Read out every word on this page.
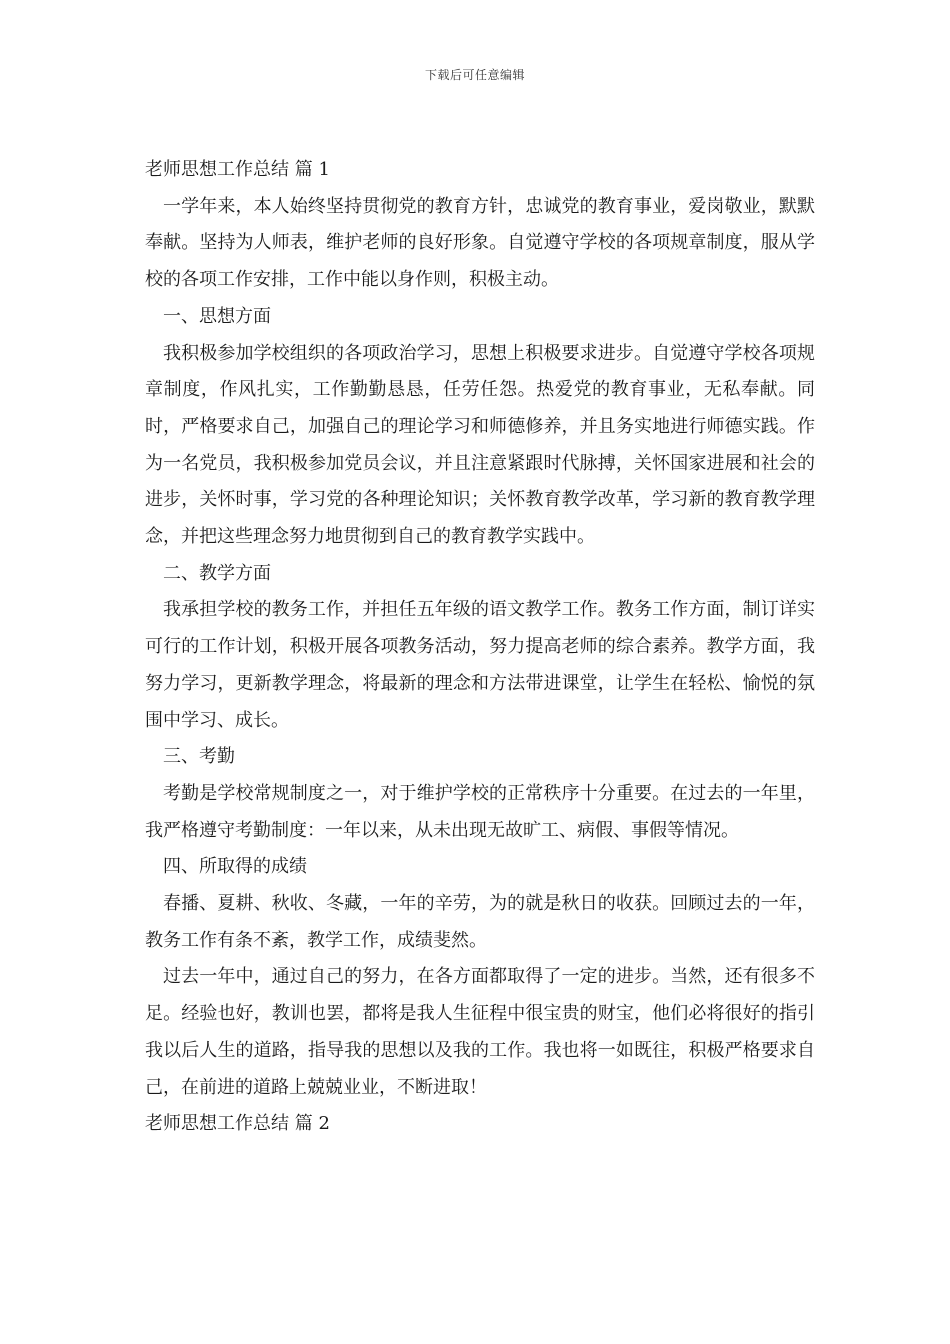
下载后可任意编辑

老师思想工作总结 篇 1

一学年来，本人始终坚持贯彻党的教育方针，忠诚党的教育事业，爱岗敬业，默默奉献。坚持为人师表，维护老师的良好形象。自觉遵守学校的各项规章制度，服从学校的各项工作安排，工作中能以身作则，积极主动。

一、思想方面

我积极参加学校组织的各项政治学习，思想上积极要求进步。自觉遵守学校各项规章制度，作风扎实，工作勤勤恳恳，任劳任怨。热爱党的教育事业，无私奉献。同时，严格要求自己，加强自己的理论学习和师德修养，并且务实地进行师德实践。作为一名党员，我积极参加党员会议，并且注意紧跟时代脉搏，关怀国家进展和社会的进步，关怀时事，学习党的各种理论知识；关怀教育教学改革，学习新的教育教学理念，并把这些理念努力地贯彻到自己的教育教学实践中。

二、教学方面

我承担学校的教务工作，并担任五年级的语文教学工作。教务工作方面，制订详实可行的工作计划，积极开展各项教务活动，努力提高老师的综合素养。教学方面，我努力学习，更新教学理念，将最新的理念和方法带进课堂，让学生在轻松、愉悦的氛围中学习、成长。

三、考勤

考勤是学校常规制度之一，对于维护学校的正常秩序十分重要。在过去的一年里，我严格遵守考勤制度：一年以来，从未出现无故旷工、病假、事假等情况。

四、所取得的成绩

春播、夏耕、秋收、冬藏，一年的辛劳，为的就是秋日的收获。回顾过去的一年，教务工作有条不紊，教学工作，成绩斐然。

过去一年中，通过自己的努力，在各方面都取得了一定的进步。当然，还有很多不足。经验也好，教训也罢，都将是我人生征程中很宝贵的财宝，他们必将很好的指引我以后人生的道路，指导我的思想以及我的工作。我也将一如既往，积极严格要求自己，在前进的道路上兢兢业业，不断进取！

老师思想工作总结 篇 2
